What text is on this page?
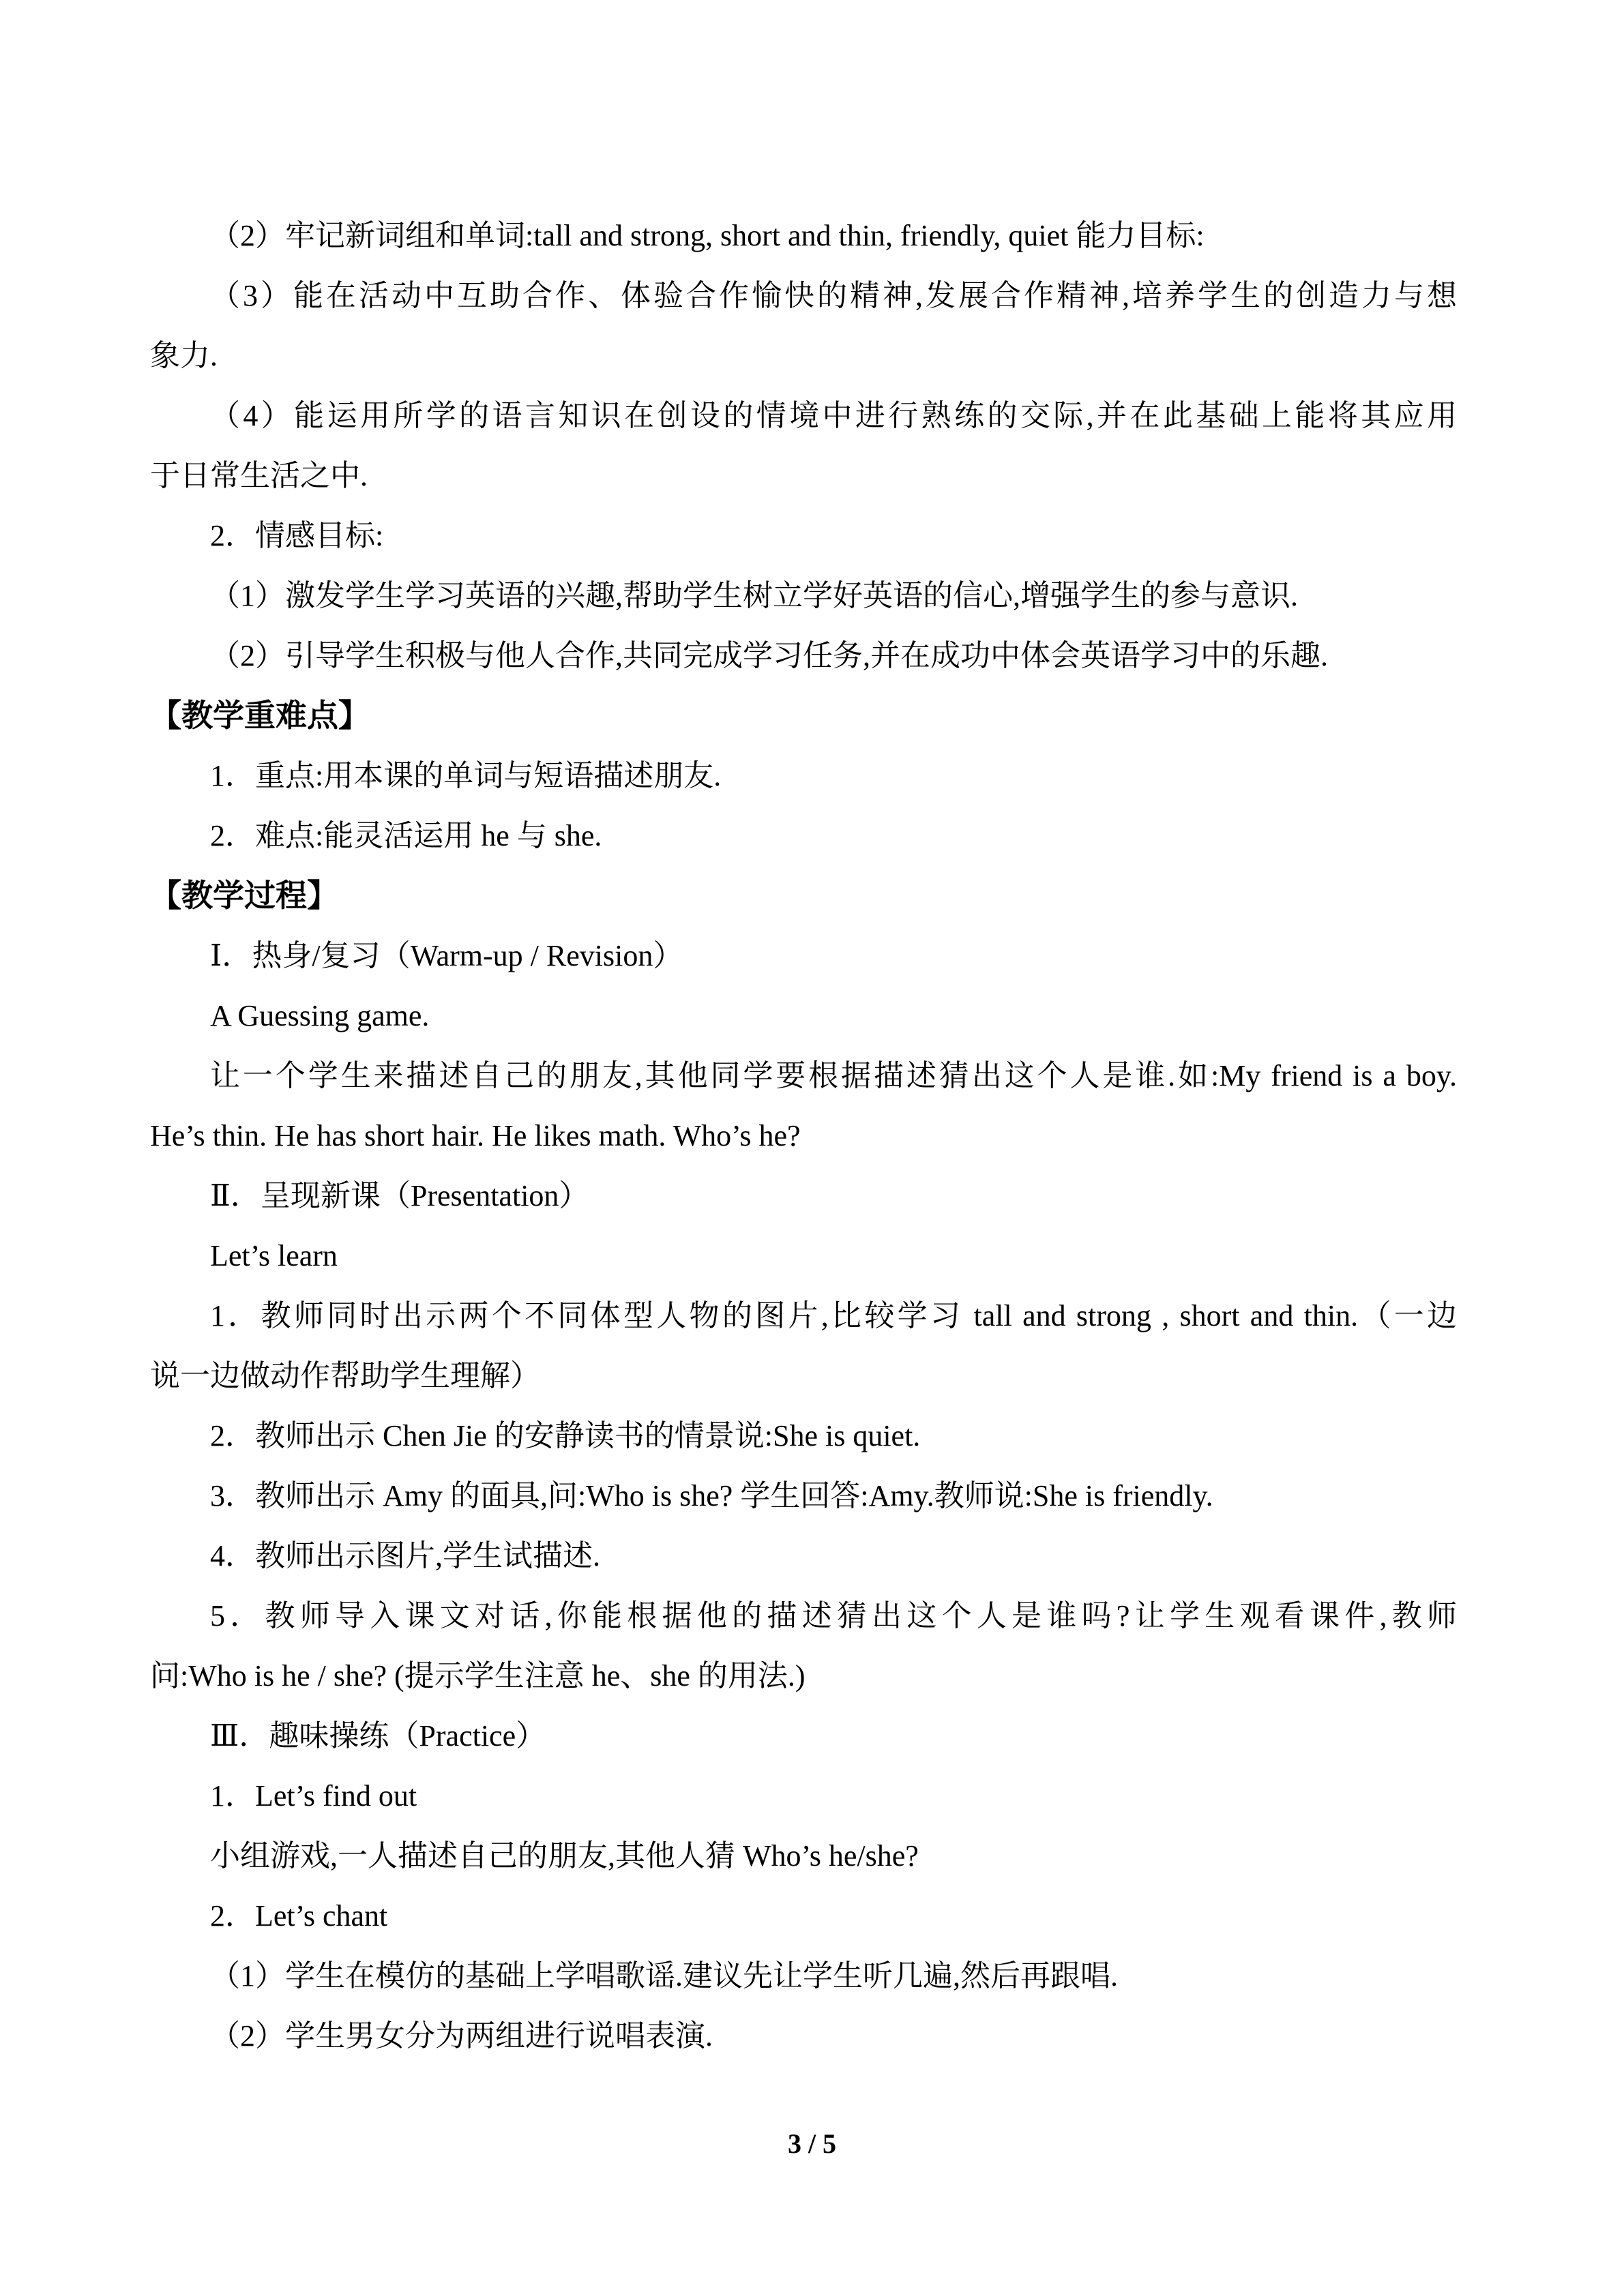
（2）牢记新词组和单词:tall and strong, short and thin, friendly, quiet 能力目标:

（3）能在活动中互助合作、体验合作愉快的精神,发展合作精神,培养学生的创造力与想

象力.

（4）能运用所学的语言知识在创设的情境中进行熟练的交际,并在此基础上能将其应用

于日常生活之中.

2．情感目标:

（1）激发学生学习英语的兴趣,帮助学生树立学好英语的信心,增强学生的参与意识.

（2）引导学生积极与他人合作,共同完成学习任务,并在成功中体会英语学习中的乐趣.

【教学重难点】

1．重点:用本课的单词与短语描述朋友.

2．难点:能灵活运用 he 与 she.

【教学过程】

Ⅰ．热身/复习（Warm-up / Revision）

A Guessing game.

让一个学生来描述自己的朋友,其他同学要根据描述猜出这个人是谁.如:My friend is a boy.

He’s thin. He has short hair. He likes math. Who’s he?

Ⅱ．呈现新课（Presentation）

Let’s learn

1．教师同时出示两个不同体型人物的图片,比较学习 tall and strong , short and thin.（一边

说一边做动作帮助学生理解）

2．教师出示 Chen Jie 的安静读书的情景说:She is quiet.

3．教师出示 Amy 的面具,问:Who is she? 学生回答:Amy.教师说:She is friendly.

4．教师出示图片,学生试描述.

5．教师导入课文对话,你能根据他的描述猜出这个人是谁吗?让学生观看课件,教师

问:Who is he / she? (提示学生注意 he、she 的用法.)

Ⅲ．趣味操练（Practice）

1．Let’s find out

小组游戏,一人描述自己的朋友,其他人猜 Who’s he/she?

2．Let’s chant

（1）学生在模仿的基础上学唱歌谣.建议先让学生听几遍,然后再跟唱.

（2）学生男女分为两组进行说唱表演.

3 / 5
